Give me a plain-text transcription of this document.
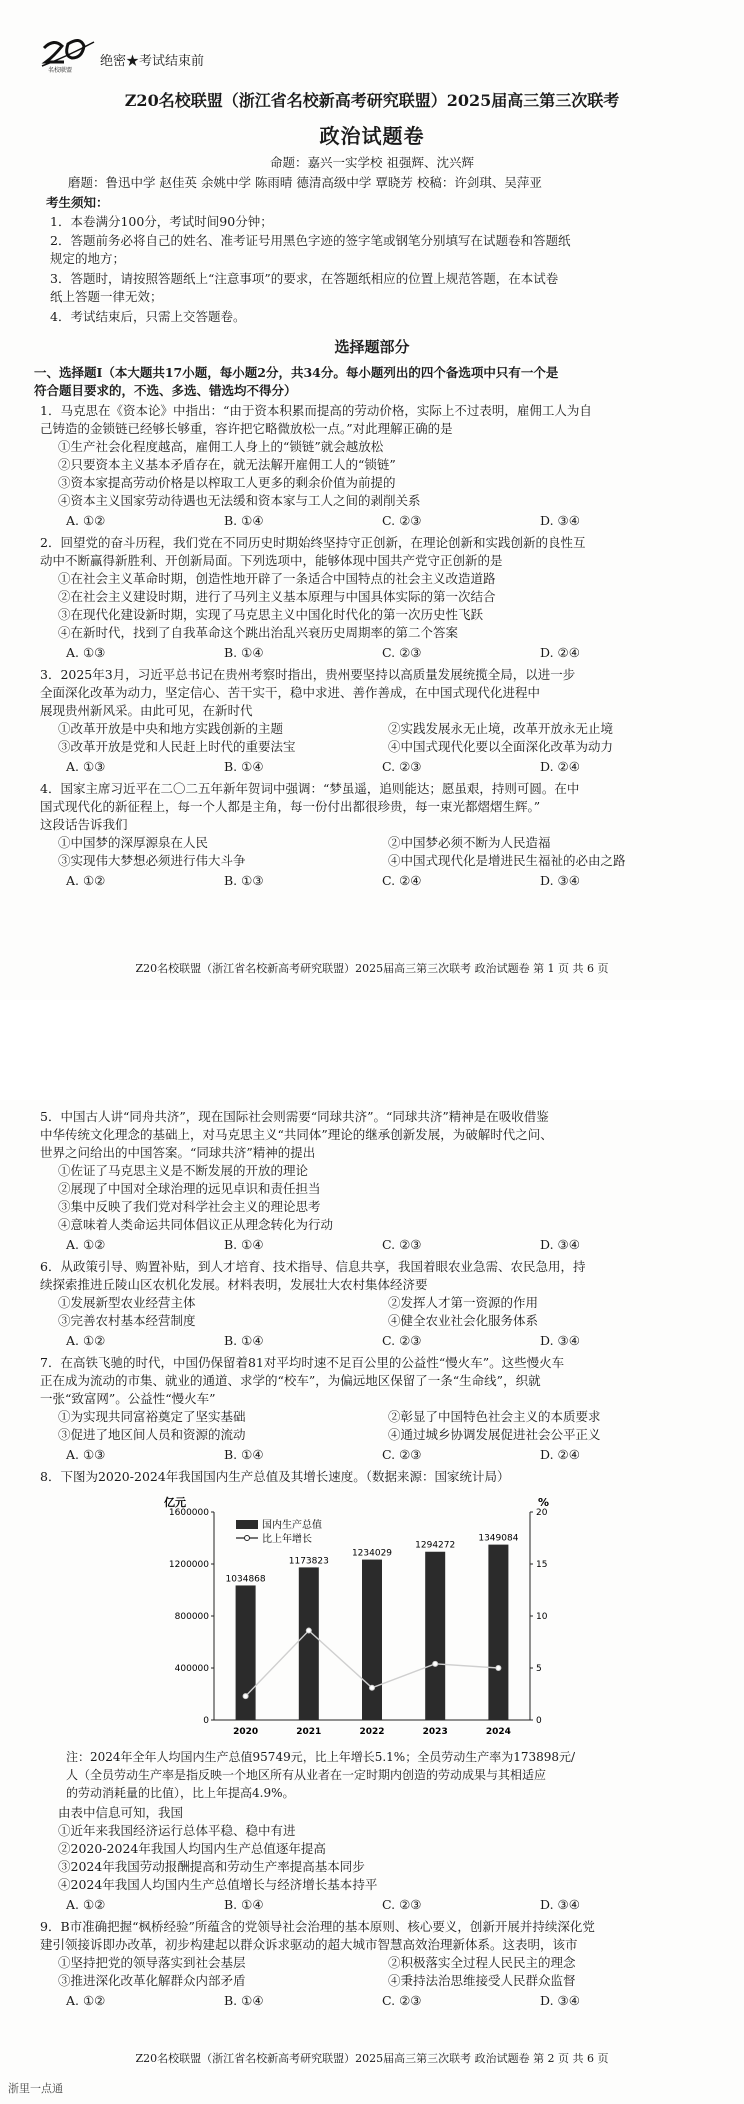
名校联盟
绝密★考试结束前
Z20名校联盟（浙江省名校新高考研究联盟）2025届高三第三次联考
政治试题卷
命题：嘉兴一实学校 祖强辉、沈兴辉
磨题：鲁迅中学 赵佳英 余姚中学 陈雨晴 德清高级中学 覃晓芳 校稿：许剑琪、吴萍亚
考生须知：
1．本卷满分100分，考试时间90分钟；
2．答题前务必将自己的姓名、准考证号用黑色字迹的签字笔或钢笔分别填写在试题卷和答题纸
规定的地方；
3．答题时，请按照答题纸上“注意事项”的要求，在答题纸相应的位置上规范答题，在本试卷
纸上答题一律无效；
4．考试结束后，只需上交答题卷。
选择题部分
一、选择题Ⅰ（本大题共17小题，每小题2分，共34分。每小题列出的四个备选项中只有一个是
符合题目要求的，不选、多选、错选均不得分）
1．马克思在《资本论》中指出：“由于资本积累而提高的劳动价格，实际上不过表明，雇佣工人为自
己铸造的金锁链已经够长够重，容许把它略微放松一点。”对此理解正确的是
①生产社会化程度越高，雇佣工人身上的“锁链”就会越放松
②只要资本主义基本矛盾存在，就无法解开雇佣工人的“锁链”
③资本家提高劳动价格是以榨取工人更多的剩余价值为前提的
④资本主义国家劳动待遇也无法缓和资本家与工人之间的剥削关系
A. ①②	B. ①④	C. ②③	D. ③④
2．回望党的奋斗历程，我们党在不同历史时期始终坚持守正创新，在理论创新和实践创新的良性互
动中不断赢得新胜利、开创新局面。下列选项中，能够体现中国共产党守正创新的是
①在社会主义革命时期，创造性地开辟了一条适合中国特点的社会主义改造道路
②在社会主义建设时期，进行了马列主义基本原理与中国具体实际的第一次结合
③在现代化建设新时期，实现了马克思主义中国化时代化的第一次历史性飞跃
④在新时代，找到了自我革命这个跳出治乱兴衰历史周期率的第二个答案
A. ①③	B. ①④	C. ②③	D. ②④
3．2025年3月，习近平总书记在贵州考察时指出，贵州要坚持以高质量发展统揽全局，以进一步
全面深化改革为动力，坚定信心、苦干实干，稳中求进、善作善成，在中国式现代化进程中
展现贵州新风采。由此可见，在新时代
①改革开放是中央和地方实践创新的主题	②实践发展永无止境，改革开放永无止境
③改革开放是党和人民赶上时代的重要法宝	④中国式现代化要以全面深化改革为动力
A. ①③	B. ①④	C. ②③	D. ②④
4．国家主席习近平在二〇二五年新年贺词中强调：“梦虽遥，追则能达；愿虽艰，持则可圆。在中
国式现代化的新征程上，每一个人都是主角，每一份付出都很珍贵，每一束光都熠熠生辉。”
这段话告诉我们
①中国梦的深厚源泉在人民	②中国梦必须不断为人民造福
③实现伟大梦想必须进行伟大斗争	④中国式现代化是增进民生福祉的必由之路
A. ①②	B. ①③	C. ②④	D. ③④
Z20名校联盟（浙江省名校新高考研究联盟）2025届高三第三次联考 政治试题卷 第 1 页 共 6 页
5．中国古人讲“同舟共济”，现在国际社会则需要“同球共济”。“同球共济”精神是在吸收借鉴
中华传统文化理念的基础上，对马克思主义“共同体”理论的继承创新发展，为破解时代之问、
世界之问给出的中国答案。“同球共济”精神的提出
①佐证了马克思主义是不断发展的开放的理论
②展现了中国对全球治理的远见卓识和责任担当
③集中反映了我们党对科学社会主义的理论思考
④意味着人类命运共同体倡议正从理念转化为行动
A. ①②	B. ①④	C. ②③	D. ③④
6．从政策引导、购置补贴，到人才培育、技术指导、信息共享，我国着眼农业急需、农民急用，持
续探索推进丘陵山区农机化发展。材料表明，发展壮大农村集体经济要
①发展新型农业经营主体	②发挥人才第一资源的作用
③完善农村基本经营制度	④健全农业社会化服务体系
A. ①②	B. ①④	C. ②③	D. ③④
7．在高铁飞驰的时代，中国仍保留着81对平均时速不足百公里的公益性“慢火车”。这些慢火车
正在成为流动的市集、就业的通道、求学的“校车”，为偏远地区保留了一条“生命线”，织就
一张“致富网”。公益性“慢火车”
①为实现共同富裕奠定了坚实基础	②彰显了中国特色社会主义的本质要求
③促进了地区间人员和资源的流动	④通过城乡协调发展促进社会公平正义
A. ①③	B. ①④	C. ②③	D. ②④
8．下图为2020-2024年我国国内生产总值及其增长速度。（数据来源：国家统计局）
亿元	%
0
400000
800000
1200000
1600000
0
5
10
15
20
1034868
2020
1173823
2021
1234029
2022
1294272
2023
1349084
2024
国内生产总值
比上年增长
注：2024年全年人均国内生产总值95749元，比上年增长5.1%；全员劳动生产率为173898元/
人（全员劳动生产率是指反映一个地区所有从业者在一定时期内创造的劳动成果与其相适应
的劳动消耗量的比值），比上年提高4.9%。
由表中信息可知，我国
①近年来我国经济运行总体平稳、稳中有进
②2020-2024年我国人均国内生产总值逐年提高
③2024年我国劳动报酬提高和劳动生产率提高基本同步
④2024年我国人均国内生产总值增长与经济增长基本持平
A. ①②	B. ①④	C. ②③	D. ③④
9．B市准确把握“枫桥经验”所蕴含的党领导社会治理的基本原则、核心要义，创新开展并持续深化党
建引领接诉即办改革，初步构建起以群众诉求驱动的超大城市智慧高效治理新体系。这表明，该市
①坚持把党的领导落实到社会基层	②积极落实全过程人民民主的理念
③推进深化改革化解群众内部矛盾	④秉持法治思维接受人民群众监督
A. ①②	B. ①④	C. ②③	D. ③④
Z20名校联盟（浙江省名校新高考研究联盟）2025届高三第三次联考 政治试题卷 第 2 页 共 6 页
浙里一点通
